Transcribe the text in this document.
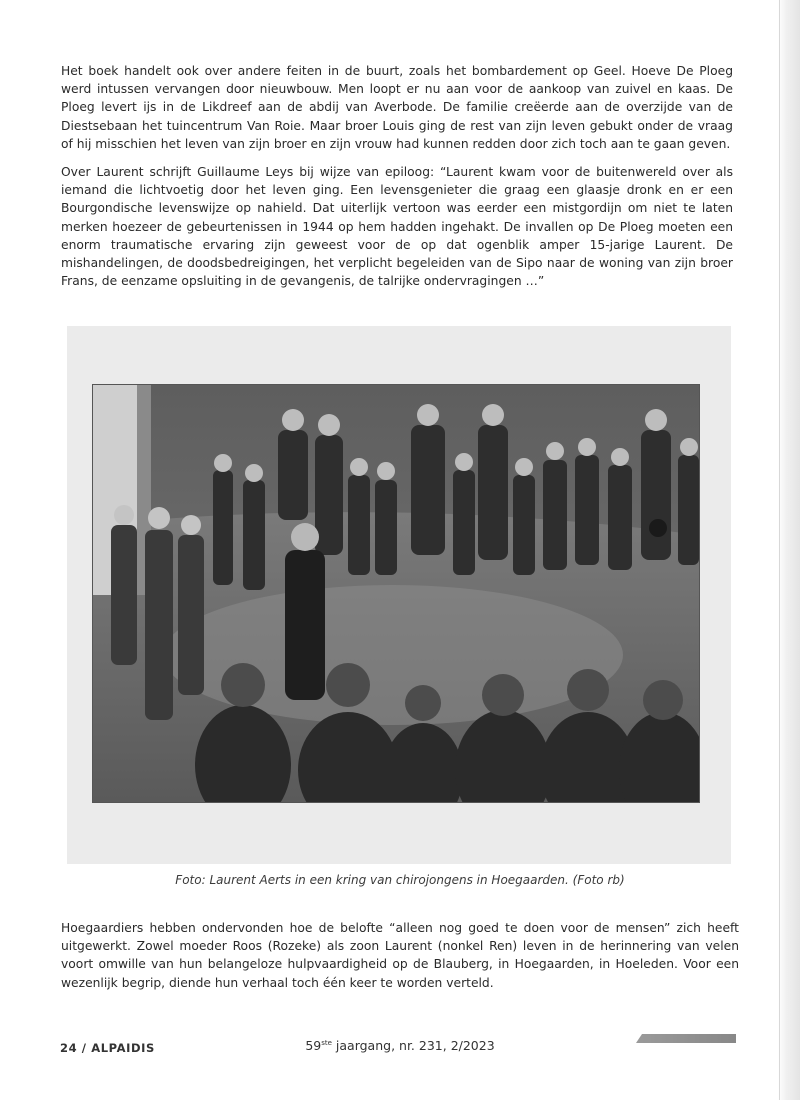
Het boek handelt ook over andere feiten in de buurt, zoals het bombardement op Geel. Hoeve De Ploeg werd intussen vervangen door nieuwbouw. Men loopt er nu aan voor de aankoop van zuivel en kaas. De Ploeg levert ijs in de Likdreef aan de abdij van Averbode. De familie creëerde aan de overzijde van de Diestsebaan het tuincentrum Van Roie. Maar broer Louis ging de rest van zijn leven gebukt onder de vraag of hij misschien het leven van zijn broer en zijn vrouw had kunnen redden door zich toch aan te gaan geven.

Over Laurent schrijft Guillaume Leys bij wijze van epiloog: “Laurent kwam voor de buitenwereld over als iemand die lichtvoetig door het leven ging. Een levensgenieter die graag een glaasje dronk en er een Bourgondische levenswijze op nahield. Dat uiterlijk vertoon was eerder een mistgordijn om niet te laten merken hoezeer de gebeurtenissen in 1944 op hem hadden ingehakt. De invallen op De Ploeg moeten een enorm traumatische ervaring zijn geweest voor de op dat ogenblik amper 15-jarige Laurent. De mishandelingen, de doodsbedreigingen, het verplicht begeleiden van de Sipo naar de woning van zijn broer Frans, de eenzame opsluiting in de gevangenis, de talrijke ondervragingen …”

Foto: Laurent Aerts in een kring van chirojongens in Hoegaarden. (Foto rb)

Hoegaardiers hebben ondervonden hoe de belofte “alleen nog goed te doen voor de mensen” zich heeft uitgewerkt. Zowel moeder Roos (Rozeke) als zoon Laurent (nonkel Ren) leven in de herinnering van velen voort omwille van hun belangeloze hulpvaardigheid op de Blauberg, in Hoegaarden, in Hoeleden. Voor een wezenlijk begrip, diende hun verhaal toch één keer te worden verteld.

24 / ALPAIDIS	59ste jaargang, nr. 231, 2/2023
